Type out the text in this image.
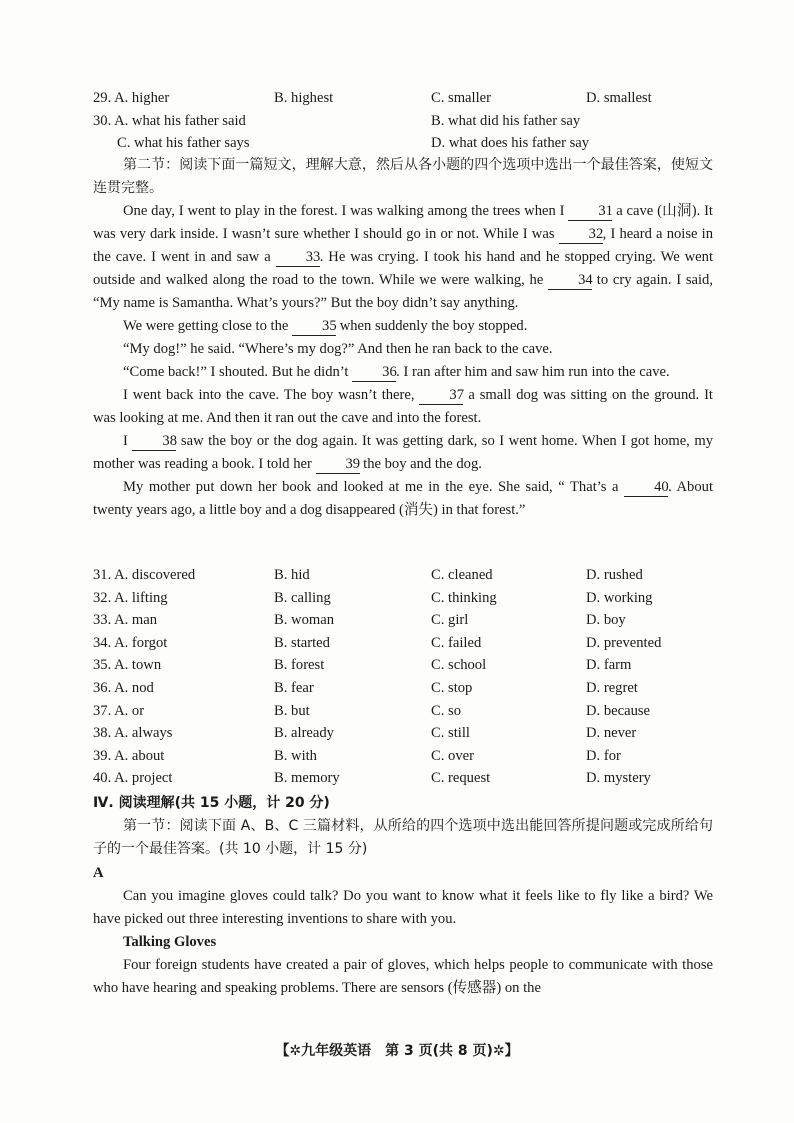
29. A. higher	B. highest	C. smaller	D. smallest
30. A. what his father said	B. what did his father say
C. what his father says	D. what does his father say

第二节：阅读下面一篇短文，理解大意，然后从各小题的四个选项中选出一个最佳答案，使短文连贯完整。

One day, I went to play in the forest. I was walking among the trees when I 31 a cave (山洞). It was very dark inside. I wasn’t sure whether I should go in or not. While I was 32, I heard a noise in the cave. I went in and saw a 33. He was crying. I took his hand and he stopped crying. We went outside and walked along the road to the town. While we were walking, he 34 to cry again. I said, “My name is Samantha. What’s yours?” But the boy didn’t say anything.

We were getting close to the 35 when suddenly the boy stopped.

“My dog!” he said. “Where’s my dog?” And then he ran back to the cave.

“Come back!” I shouted. But he didn’t 36. I ran after him and saw him run into the cave.

I went back into the cave. The boy wasn’t there, 37 a small dog was sitting on the ground. It was looking at me. And then it ran out the cave and into the forest.

I 38 saw the boy or the dog again. It was getting dark, so I went home. When I got home, my mother was reading a book. I told her 39 the boy and the dog.

My mother put down her book and looked at me in the eye. She said, “ That’s a 40. About twenty years ago, a little boy and a dog disappeared (消失) in that forest.”

31. A. discovered	B. hid	C. cleaned	D. rushed
32. A. lifting	B. calling	C. thinking	D. working
33. A. man	B. woman	C. girl	D. boy
34. A. forgot	B. started	C. failed	D. prevented
35. A. town	B. forest	C. school	D. farm
36. A. nod	B. fear	C. stop	D. regret
37. A. or	B. but	C. so	D. because
38. A. always	B. already	C. still	D. never
39. A. about	B. with	C. over	D. for
40. A. project	B. memory	C. request	D. mystery

Ⅳ. 阅读理解(共 15 小题，计 20 分)

第一节：阅读下面 A、B、C 三篇材料，从所给的四个选项中选出能回答所提问题或完成所给句子的一个最佳答案。(共 10 小题，计 15 分)

A

Can you imagine gloves could talk? Do you want to know what it feels like to fly like a bird? We have picked out three interesting inventions to share with you.

Talking Gloves

Four foreign students have created a pair of gloves, which helps people to communicate with those who have hearing and speaking problems. There are sensors (传感器) on the

【✲九年级英语　第 3 页(共 8 页)✲】
